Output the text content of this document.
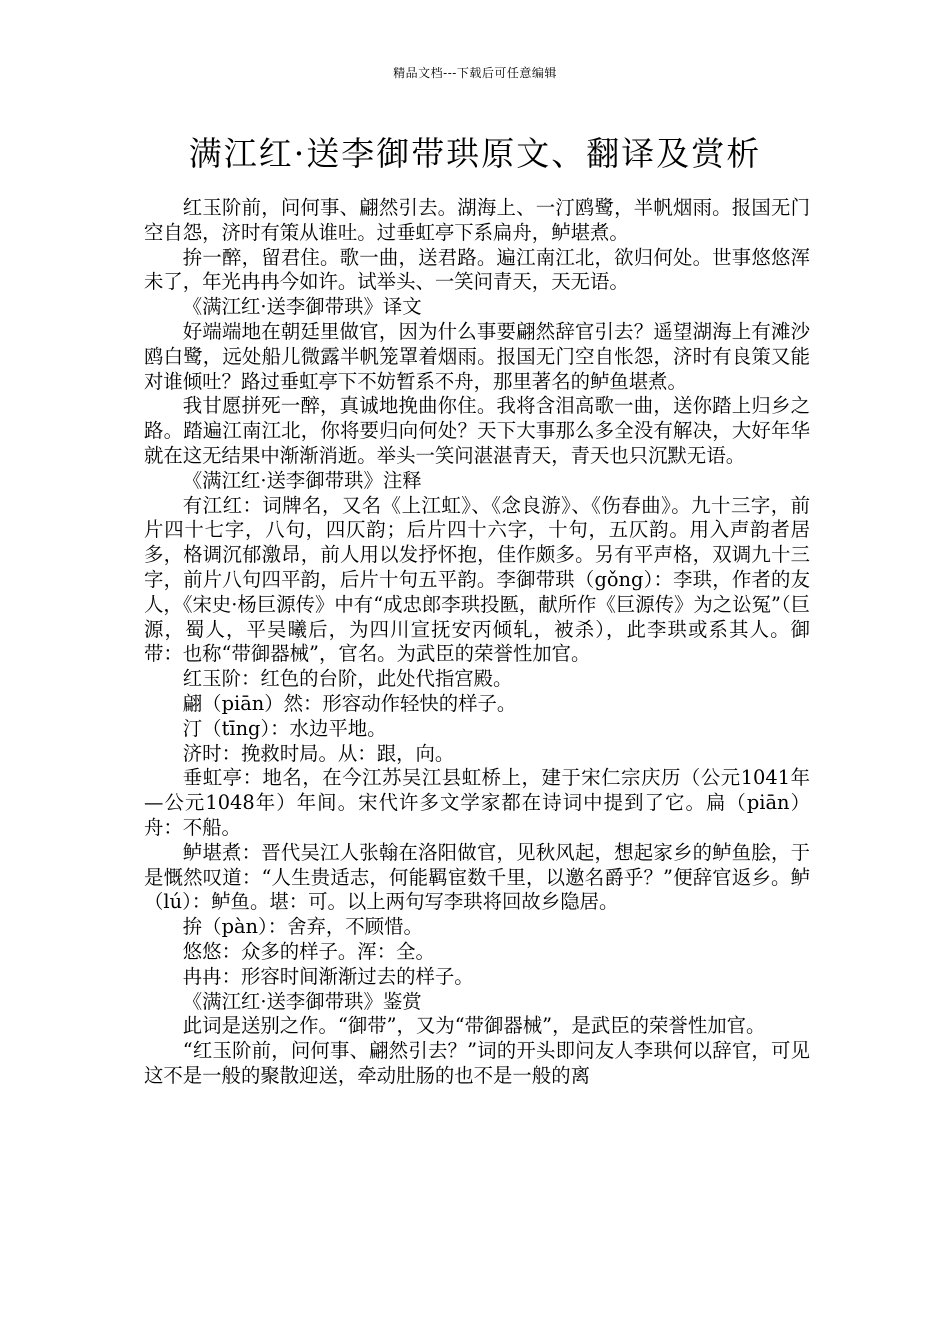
精品文档---下载后可任意编辑
满江红·送李御带珙原文、翻译及赏析

红玉阶前，问何事、翩然引去。湖海上、一汀鸥鹭，半帆烟雨。报国无门空自怨，济时有策从谁吐。过垂虹亭下系扁舟，鲈堪煮。

拚一醉，留君住。歌一曲，送君路。遍江南江北，欲归何处。世事悠悠浑未了，年光冉冉今如许。试举头、一笑问青天，天无语。

《满江红·送李御带珙》译文

好端端地在朝廷里做官，因为什么事要翩然辞官引去？遥望湖海上有滩沙鸥白鹭，远处船儿微露半帆笼罩着烟雨。报国无门空自怅怨，济时有良策又能对谁倾吐？路过垂虹亭下不妨暂系不舟，那里著名的鲈鱼堪煮。

我甘愿拼死一醉，真诚地挽曲你住。我将含泪高歌一曲，送你踏上归乡之路。踏遍江南江北，你将要归向何处？天下大事那么多全没有解决，大好年华就在这无结果中渐渐消逝。举头一笑问湛湛青天，青天也只沉默无语。

《满江红·送李御带珙》注释

有江红：词牌名，又名《上江虹》、《念良游》、《伤春曲》。九十三字，前片四十七字，八句，四仄韵；后片四十六字，十句，五仄韵。用入声韵者居多，格调沉郁激昂，前人用以发抒怀抱，佳作颇多。另有平声格，双调九十三字，前片八句四平韵，后片十句五平韵。李御带珙（gǒng）：李珙，作者的友人，《宋史·杨巨源传》中有“成忠郎李珙投匦，献所作《巨源传》为之讼冤”（巨源，蜀人，平吴曦后，为四川宣抚安丙倾轧，被杀），此李珙或系其人。御带：也称“带御器械”，官名。为武臣的荣誉性加官。

红玉阶：红色的台阶，此处代指宫殿。

翩（piān）然：形容动作轻快的样子。

汀（tīng）：水边平地。

济时：挽救时局。从：跟，向。

垂虹亭：地名，在今江苏吴江县虹桥上，建于宋仁宗庆历（公元1041年—公元1048年）年间。宋代许多文学家都在诗词中提到了它。扁（piān）舟：不船。

鲈堪煮：晋代吴江人张翰在洛阳做官，见秋风起，想起家乡的鲈鱼脍，于是慨然叹道：“人生贵适志，何能羁宦数千里，以邀名爵乎？”便辞官返乡。鲈（lú）：鲈鱼。堪：可。以上两句写李珙将回故乡隐居。

拚（pàn）：舍弃，不顾惜。

悠悠：众多的样子。浑：全。

冉冉：形容时间渐渐过去的样子。

《满江红·送李御带珙》鉴赏

此词是送别之作。“御带”，又为“带御器械”，是武臣的荣誉性加官。

“红玉阶前，问何事、翩然引去？”词的开头即问友人李珙何以辞官，可见这不是一般的聚散迎送，牵动肚肠的也不是一般的离
